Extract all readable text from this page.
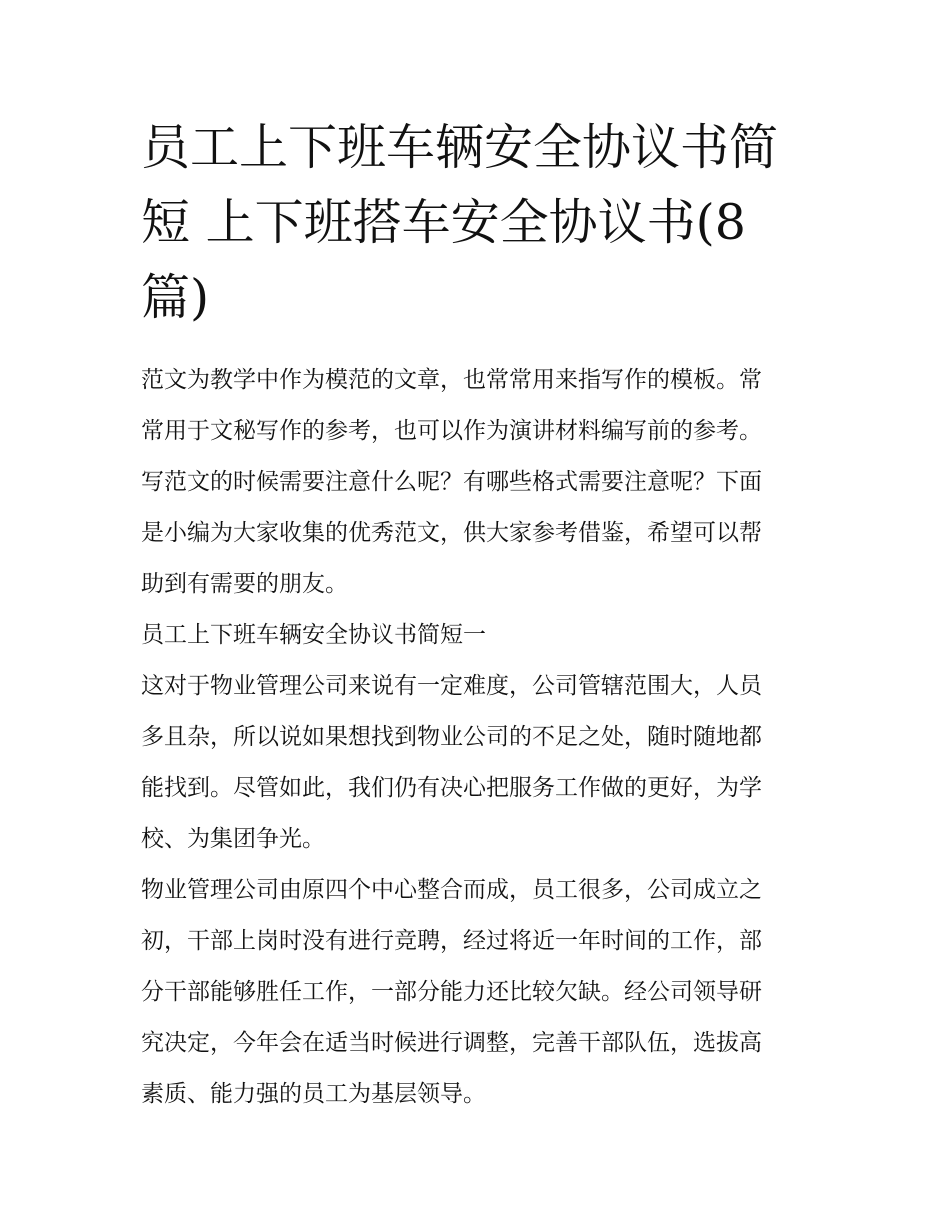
员工上下班车辆安全协议书简
短 上下班搭车安全协议书(8
篇)

范文为教学中作为模范的文章，也常常用来指写作的模板。常
常用于文秘写作的参考，也可以作为演讲材料编写前的参考。
写范文的时候需要注意什么呢？有哪些格式需要注意呢？下面
是小编为大家收集的优秀范文，供大家参考借鉴，希望可以帮
助到有需要的朋友。

员工上下班车辆安全协议书简短一

这对于物业管理公司来说有一定难度，公司管辖范围大，人员
多且杂，所以说如果想找到物业公司的不足之处，随时随地都
能找到。尽管如此，我们仍有决心把服务工作做的更好，为学
校、为集团争光。

物业管理公司由原四个中心整合而成，员工很多，公司成立之
初，干部上岗时没有进行竞聘，经过将近一年时间的工作，部
分干部能够胜任工作，一部分能力还比较欠缺。经公司领导研
究决定，今年会在适当时候进行调整，完善干部队伍，选拔高
素质、能力强的员工为基层领导。
